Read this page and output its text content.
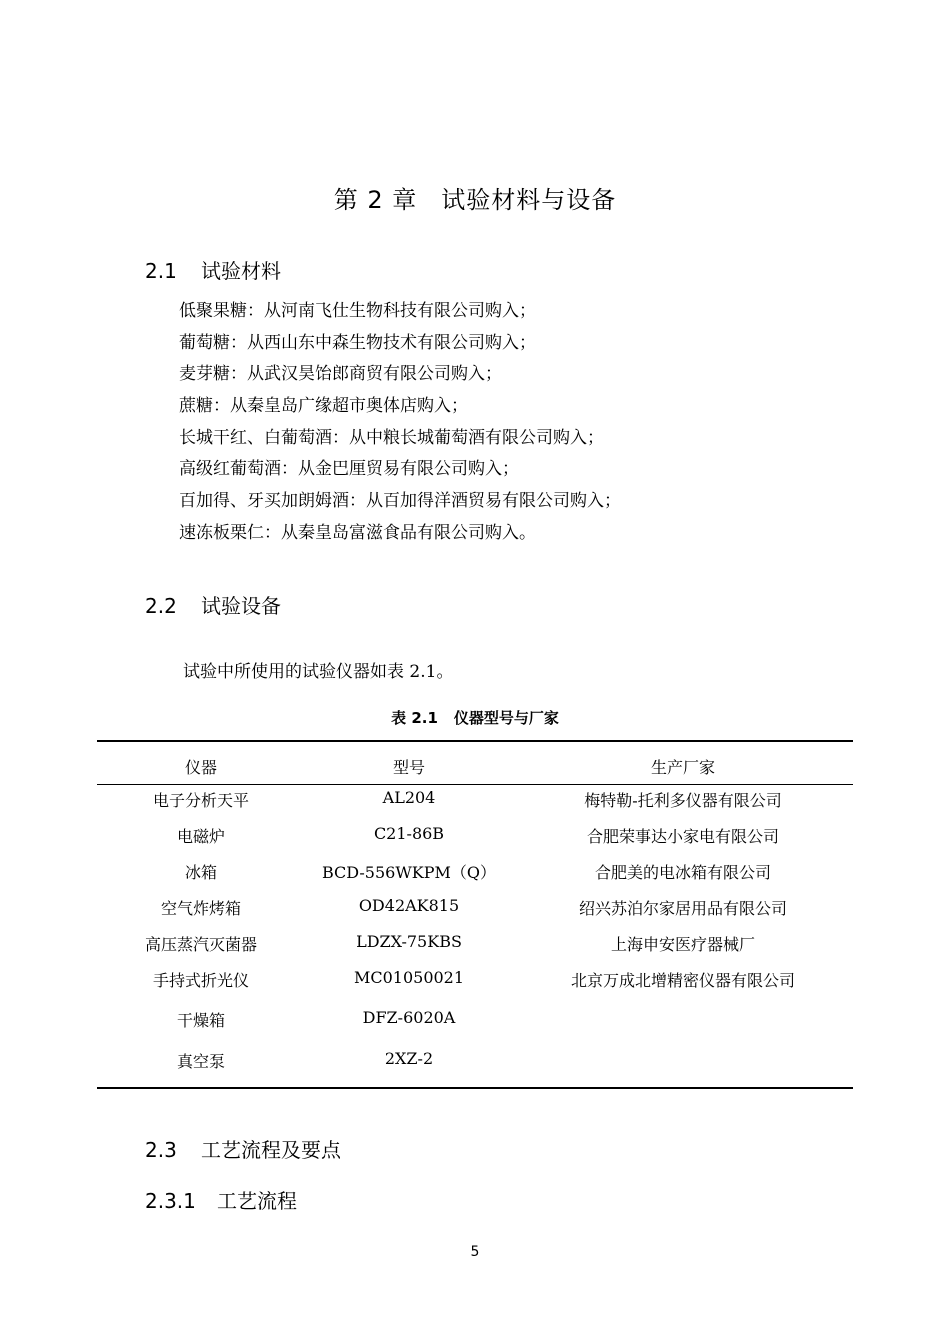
第 2 章 试验材料与设备
2.1 试验材料
低聚果糖：从河南飞仕生物科技有限公司购入；
葡萄糖：从西山东中森生物技术有限公司购入；
麦芽糖：从武汉昊饴郎商贸有限公司购入；
蔗糖：从秦皇岛广缘超市奥体店购入；
长城干红、白葡萄酒：从中粮长城葡萄酒有限公司购入；
高级红葡萄酒：从金巴厘贸易有限公司购入；
百加得、牙买加朗姆酒：从百加得洋酒贸易有限公司购入；
速冻板栗仁：从秦皇岛富滋食品有限公司购入。
2.2 试验设备
试验中所使用的试验仪器如表 2.1。
表 2.1 仪器型号与厂家
仪器	型号	生产厂家
电子分析天平	AL204	梅特勒-托利多仪器有限公司
电磁炉	C21-86B	合肥荣事达小家电有限公司
冰箱	BCD-556WKPM（Q）	合肥美的电冰箱有限公司
空气炸烤箱	OD42AK815	绍兴苏泊尔家居用品有限公司
高压蒸汽灭菌器	LDZX-75KBS	上海申安医疗器械厂
手持式折光仪	MC01050021	北京万成北增精密仪器有限公司
干燥箱	DFZ-6020A	
真空泵	2XZ-2	
2.3 工艺流程及要点
2.3.1 工艺流程
5
